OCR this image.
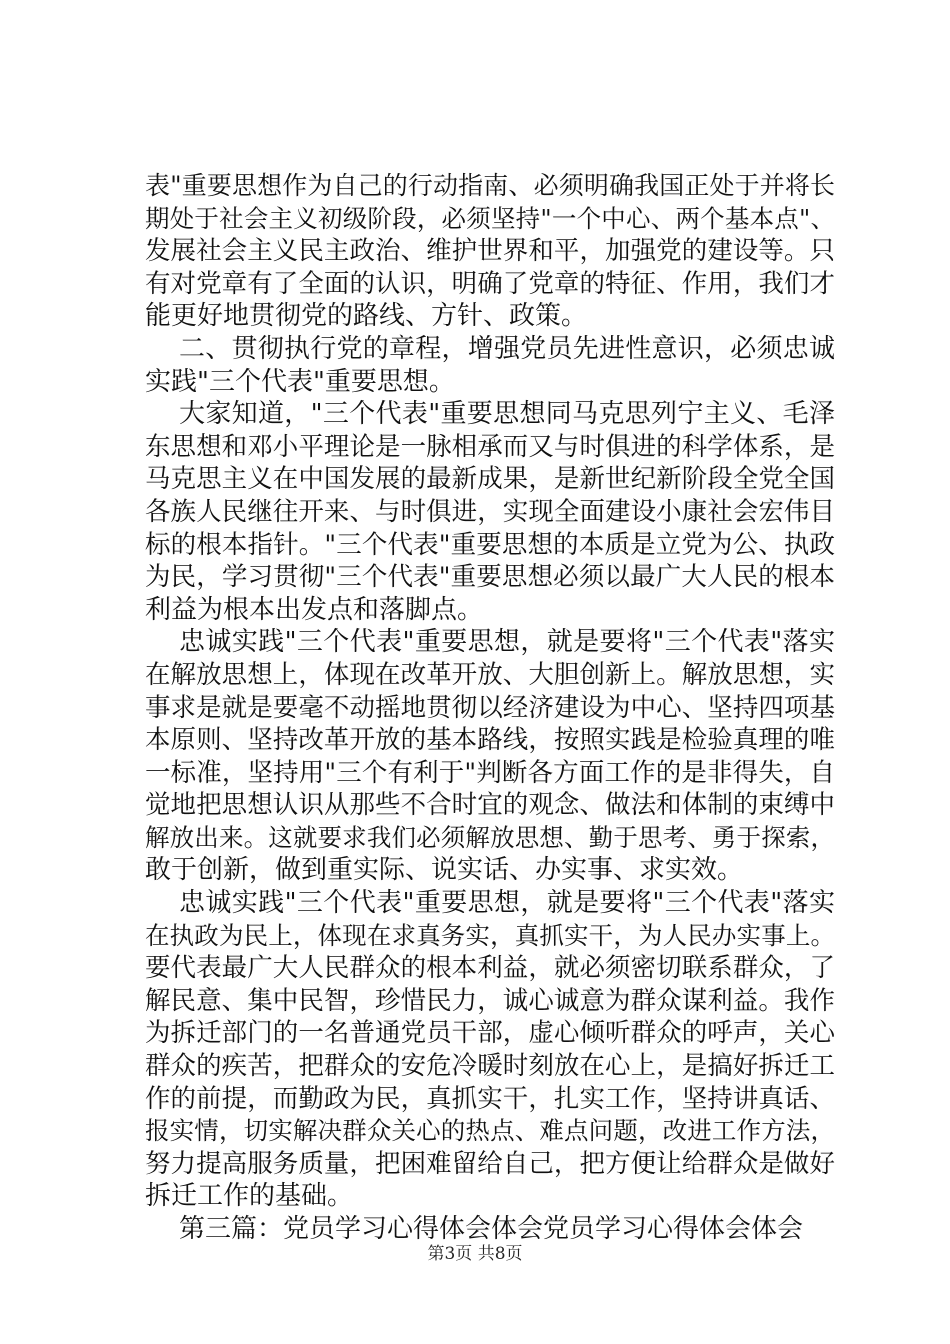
表"重要思想作为自己的行动指南、必须明确我国正处于并将长
期处于社会主义初级阶段，必须坚持"一个中心、两个基本点"、
发展社会主义民主政治、维护世界和平，加强党的建设等。只
有对党章有了全面的认识，明确了党章的特征、作用，我们才
能更好地贯彻党的路线、方针、政策。
二、贯彻执行党的章程，增强党员先进性意识，必须忠诚
实践"三个代表"重要思想。
大家知道，"三个代表"重要思想同马克思列宁主义、毛泽
东思想和邓小平理论是一脉相承而又与时俱进的科学体系，是
马克思主义在中国发展的最新成果，是新世纪新阶段全党全国
各族人民继往开来、与时俱进，实现全面建设小康社会宏伟目
标的根本指针。"三个代表"重要思想的本质是立党为公、执政
为民，学习贯彻"三个代表"重要思想必须以最广大人民的根本
利益为根本出发点和落脚点。
忠诚实践"三个代表"重要思想，就是要将"三个代表"落实
在解放思想上，体现在改革开放、大胆创新上。解放思想，实
事求是就是要毫不动摇地贯彻以经济建设为中心、坚持四项基
本原则、坚持改革开放的基本路线，按照实践是检验真理的唯
一标准，坚持用"三个有利于"判断各方面工作的是非得失，自
觉地把思想认识从那些不合时宜的观念、做法和体制的束缚中
解放出来。这就要求我们必须解放思想、勤于思考、勇于探索，
敢于创新，做到重实际、说实话、办实事、求实效。
忠诚实践"三个代表"重要思想，就是要将"三个代表"落实
在执政为民上，体现在求真务实，真抓实干，为人民办实事上。
要代表最广大人民群众的根本利益，就必须密切联系群众，了
解民意、集中民智，珍惜民力，诚心诚意为群众谋利益。我作
为拆迁部门的一名普通党员干部，虚心倾听群众的呼声，关心
群众的疾苦，把群众的安危冷暖时刻放在心上，是搞好拆迁工
作的前提，而勤政为民，真抓实干，扎实工作，坚持讲真话、
报实情，切实解决群众关心的热点、难点问题，改进工作方法，
努力提高服务质量，把困难留给自己，把方便让给群众是做好
拆迁工作的基础。
第三篇：党员学习心得体会体会党员学习心得体会体会
第3页 共8页
